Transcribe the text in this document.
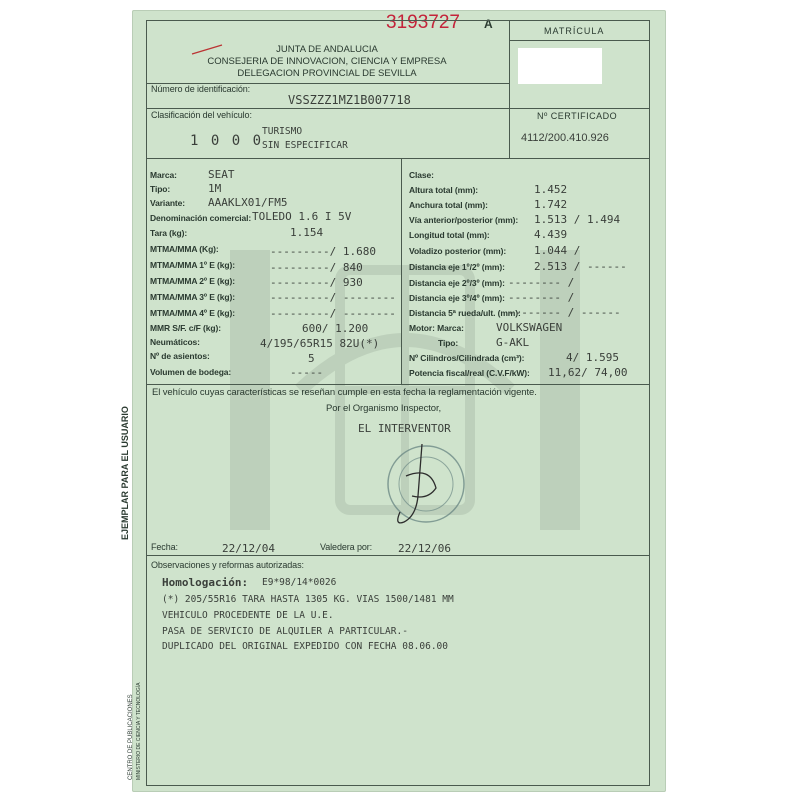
3193727 A
JUNTA DE ANDALUCIA
CONSEJERIA DE INNOVACION, CIENCIA Y EMPRESA
DELEGACION PROVINCIAL DE SEVILLA
MATRÍCULA
Número de identificación:
VSSZZZ1MZ1B007718
Clasificación del vehículo:
1 0 0 0
TURISMO
SIN ESPECIFICAR
Nº CERTIFICADO
4112/200.410.926
Marca:
Tipo:
Variante:
Denominación comercial:
Tara (kg):
MTMA/MMA (Kg):
MTMA/MMA 1º E (kg):
MTMA/MMA 2º E (kg):
MTMA/MMA 3º E (kg):
MTMA/MMA 4º E (kg):
MMR S/F. c/F (kg):
Neumáticos:
Nº de asientos:
Volumen de bodega:
SEAT
1M
AAAKLX01/FM5
TOLEDO 1.6 I 5V
1.154
---------/ 1.680
---------/ 840
---------/ 930
---------/ --------
---------/ --------
600/ 1.200
4/195/65R15 82U(*)
5
-----
Clase:
Altura total (mm):
Anchura total (mm):
Vía anterior/posterior (mm):
Longitud total (mm):
Voladizo posterior (mm):
Distancia eje 1º/2º (mm):
Distancia eje 2º/3º (mm):
Distancia eje 3º/4º (mm):
Distancia 5ª rueda/ult. (mm):
Motor: Marca:
Tipo:
Nº Cilindros/Cilindrada (cm³):
Potencia fiscal/real (C.V.F/kW):
1.452
1.742
1.513 / 1.494
4.439
1.044 /
2.513 / ------
-------- /
-------- /
-------- / ------
VOLKSWAGEN
G-AKL
4/ 1.595
11,62/ 74,00
El vehículo cuyas características se reseñan cumple en esta fecha la reglamentación vigente.
Por el Organismo Inspector,
EL INTERVENTOR
Fecha:	22/12/04	Valedera por: 22/12/06
Observaciones y reformas autorizadas:
Homologación: E9*98/14*0026
(*) 205/55R16 TARA HASTA 1305 KG. VIAS 1500/1481 MM
VEHICULO PROCEDENTE DE LA U.E.
PASA DE SERVICIO DE ALQUILER A PARTICULAR.-
DUPLICADO DEL ORIGINAL EXPEDIDO CON FECHA 08.06.00
EJEMPLAR PARA EL USUARIO
CENTRO DE PUBLICACIONES MINISTERIO DE CIENCIA Y TECNOLOGÍA
